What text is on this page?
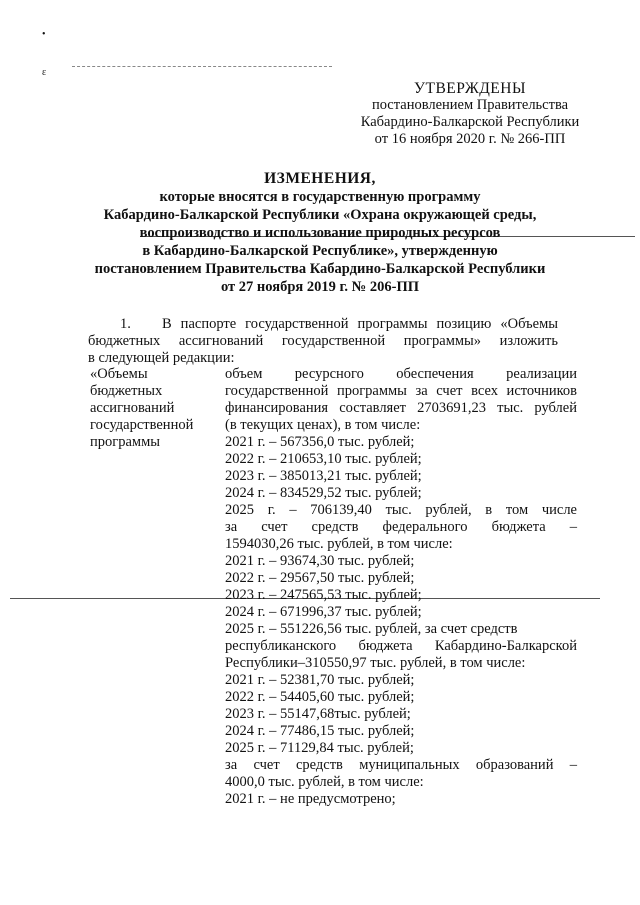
•
ε
УТВЕРЖДЕНЫ
постановлением Правительства
Кабардино-Балкарской Республики
от 16 ноября 2020 г. № 266-ПП
ИЗМЕНЕНИЯ,
которые вносятся в государственную программу
Кабардино-Балкарской Республики «Охрана окружающей среды,
воспроизводство и использование природных ресурсов
в Кабардино-Балкарской Республике», утвержденную
постановлением Правительства Кабардино-Балкарской Республики
от 27 ноября 2019 г. № 206-ПП
1.	В паспорте государственной программы позицию «Объемы
бюджетных ассигнований государственной программы» изложить
в следующей редакции:
«Объемы
бюджетных
ассигнований
государственной
программы
объем ресурсного обеспечения реализации
государственной программы за счет всех источников
финансирования составляет 2703691,23 тыс. рублей
(в текущих ценах), в том числе:
2021 г. – 567356,0 тыс. рублей;
2022 г. – 210653,10 тыс. рублей;
2023 г. – 385013,21 тыс. рублей;
2024 г. – 834529,52 тыс. рублей;
2025 г. – 706139,40 тыс. рублей, в том числе
за счет средств федерального бюджета –
1594030,26 тыс. рублей, в том числе:
2021 г. – 93674,30 тыс. рублей;
2022 г. – 29567,50 тыс. рублей;
2023 г. – 247565,53 тыс. рублей;
2024 г. – 671996,37 тыс. рублей;
2025 г. – 551226,56 тыс. рублей, за счет средств
республиканского бюджета Кабардино-Балкарской
Республики–310550,97 тыс. рублей, в том числе:
2021 г. – 52381,70 тыс. рублей;
2022 г. – 54405,60 тыс. рублей;
2023 г. – 55147,68тыс. рублей;
2024 г. – 77486,15 тыс. рублей;
2025 г. – 71129,84 тыс. рублей;
за счет средств муниципальных образований –
4000,0 тыс. рублей, в том числе:
2021 г. – не предусмотрено;
